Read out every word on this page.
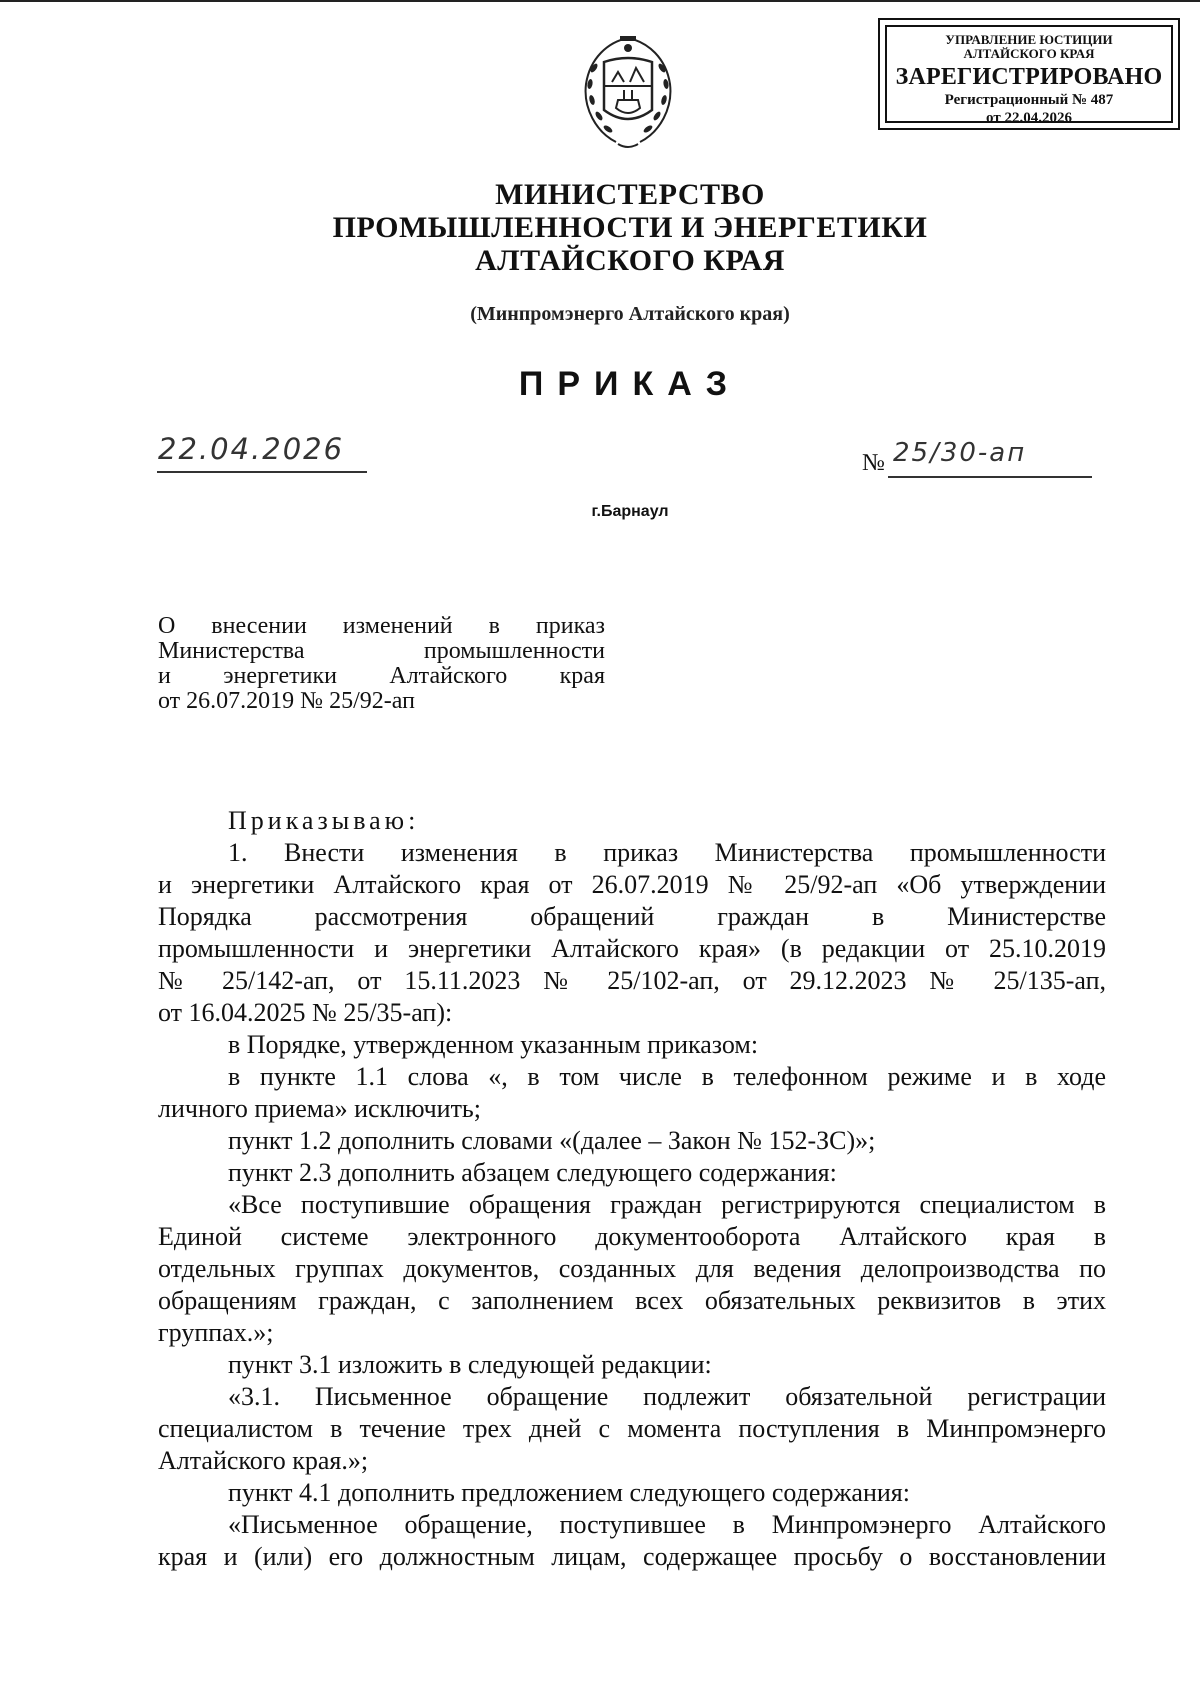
УПРАВЛЕНИЕ ЮСТИЦИИ
АЛТАЙСКОГО КРАЯ
ЗАРЕГИСТРИРОВАНО
Регистрационный № 487
от 22.04.2026
МИНИСТЕРСТВО
ПРОМЫШЛЕННОСТИ И ЭНЕРГЕТИКИ
АЛТАЙСКОГО КРАЯ
(Минпромэнерго Алтайского края)
ПРИКАЗ
22.04.2026	№ 25/30-ап
г.Барнаул
О внесении изменений в приказ
Министерства промышленности
и энергетики Алтайского края
от 26.07.2019 № 25/92-ап
Приказываю:
1. Внести изменения в приказ Министерства промышленности
и энергетики Алтайского края от 26.07.2019 № 25/92-ап «Об утверждении
Порядка рассмотрения обращений граждан в Министерстве
промышленности и энергетики Алтайского края» (в редакции от 25.10.2019
№ 25/142-ап, от 15.11.2023 № 25/102-ап, от 29.12.2023 № 25/135-ап,
от 16.04.2025 № 25/35-ап):
в Порядке, утвержденном указанным приказом:
в пункте 1.1 слова «, в том числе в телефонном режиме и в ходе
личного приема» исключить;
пункт 1.2 дополнить словами «(далее – Закон № 152-ЗС)»;
пункт 2.3 дополнить абзацем следующего содержания:
«Все поступившие обращения граждан регистрируются специалистом в
Единой системе электронного документооборота Алтайского края в
отдельных группах документов, созданных для ведения делопроизводства по
обращениям граждан, с заполнением всех обязательных реквизитов в этих
группах.»;
пункт 3.1 изложить в следующей редакции:
«3.1. Письменное обращение подлежит обязательной регистрации
специалистом в течение трех дней с момента поступления в Минпромэнерго
Алтайского края.»;
пункт 4.1 дополнить предложением следующего содержания:
«Письменное обращение, поступившее в Минпромэнерго Алтайского
края и (или) его должностным лицам, содержащее просьбу о восстановлении
